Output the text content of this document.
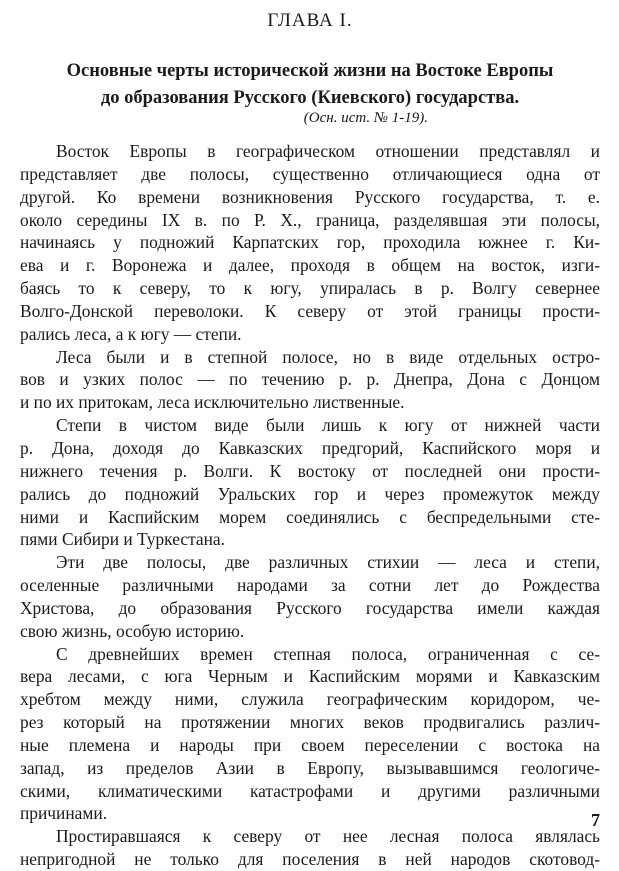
ГЛАВА I.
Основные черты исторической жизни на Востоке Европы
до образования Русского (Киевского) государства.
(Осн. ист. № 1-19).
Восток Европы в географическом отношении представлял и
представляет две полосы, существенно отличающиеся одна от
другой. Ко времени возникновения Русского государства, т. е.
около середины IX в. по Р. Х., граница, разделявшая эти полосы,
начинаясь у подножий Карпатских гор, проходила южнее г. Ки-
ева и г. Воронежа и далее, проходя в общем на восток, изги-
баясь то к северу, то к югу, упиралась в р. Волгу севернее
Волго-Донской переволоки. К северу от этой границы прости-
рались леса, а к югу — степи.
Леса были и в степной полосе, но в виде отдельных остро-
вов и узких полос — по течению р. р. Днепра, Дона с Донцом
и по их притокам, леса исключительно лиственные.
Степи в чистом виде были лишь к югу от нижней части
р. Дона, доходя до Кавказских предгорий, Каспийского моря и
нижнего течения р. Волги. К востоку от последней они прости-
рались до подножий Уральских гор и через промежуток между
ними и Каспийским морем соединялись с беспредельными сте-
пями Сибири и Туркестана.
Эти две полосы, две различных стихии — леса и степи,
оселенные различными народами за сотни лет до Рождества
Христова, до образования Русского государства имели каждая
свою жизнь, особую историю.
С древнейших времен степная полоса, ограниченная с се-
вера лесами, с юга Черным и Каспийским морями и Кавказским
хребтом между ними, служила географическим коридором, че-
рез который на протяжении многих веков продвигались различ-
ные племена и народы при своем переселении с востока на
запад, из пределов Азии в Европу, вызывавшимся геологиче-
скими, климатическими катастрофами и другими различными
причинами.
Простиравшаяся к северу от нее лесная полоса являлась
непригодной не только для поселения в ней народов скотовод-
7
